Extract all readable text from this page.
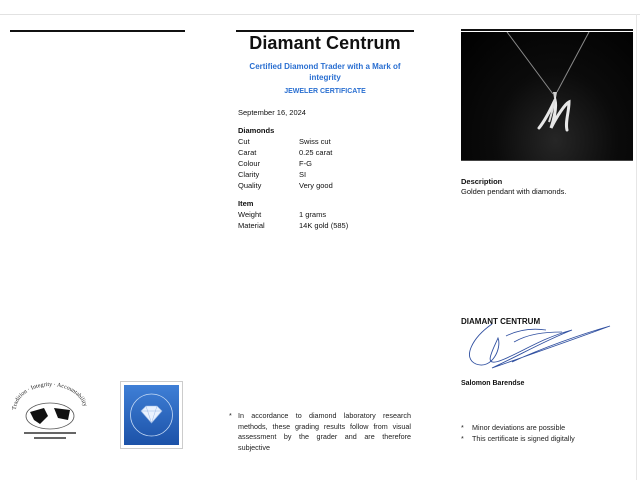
Diamant Centrum
Certified Diamond Trader with a Mark of integrity
JEWELER CERTIFICATE
September 16, 2024
Diamonds
Cut	Swiss cut
Carat	0.25 carat
Colour	F-G
Clarity	SI
Quality	Very good
Item
Weight	1 grams
Material	14K gold (585)
Description
Golden pendant with diamonds.
DIAMANT CENTRUM
Salomon Barendse
Tradition · Integrity · Accountability
* In accordance to diamond laboratory research methods, these grading results follow from visual assessment by the grader and are therefore subjective
* Minor deviations are possible
* This certificate is signed digitally
